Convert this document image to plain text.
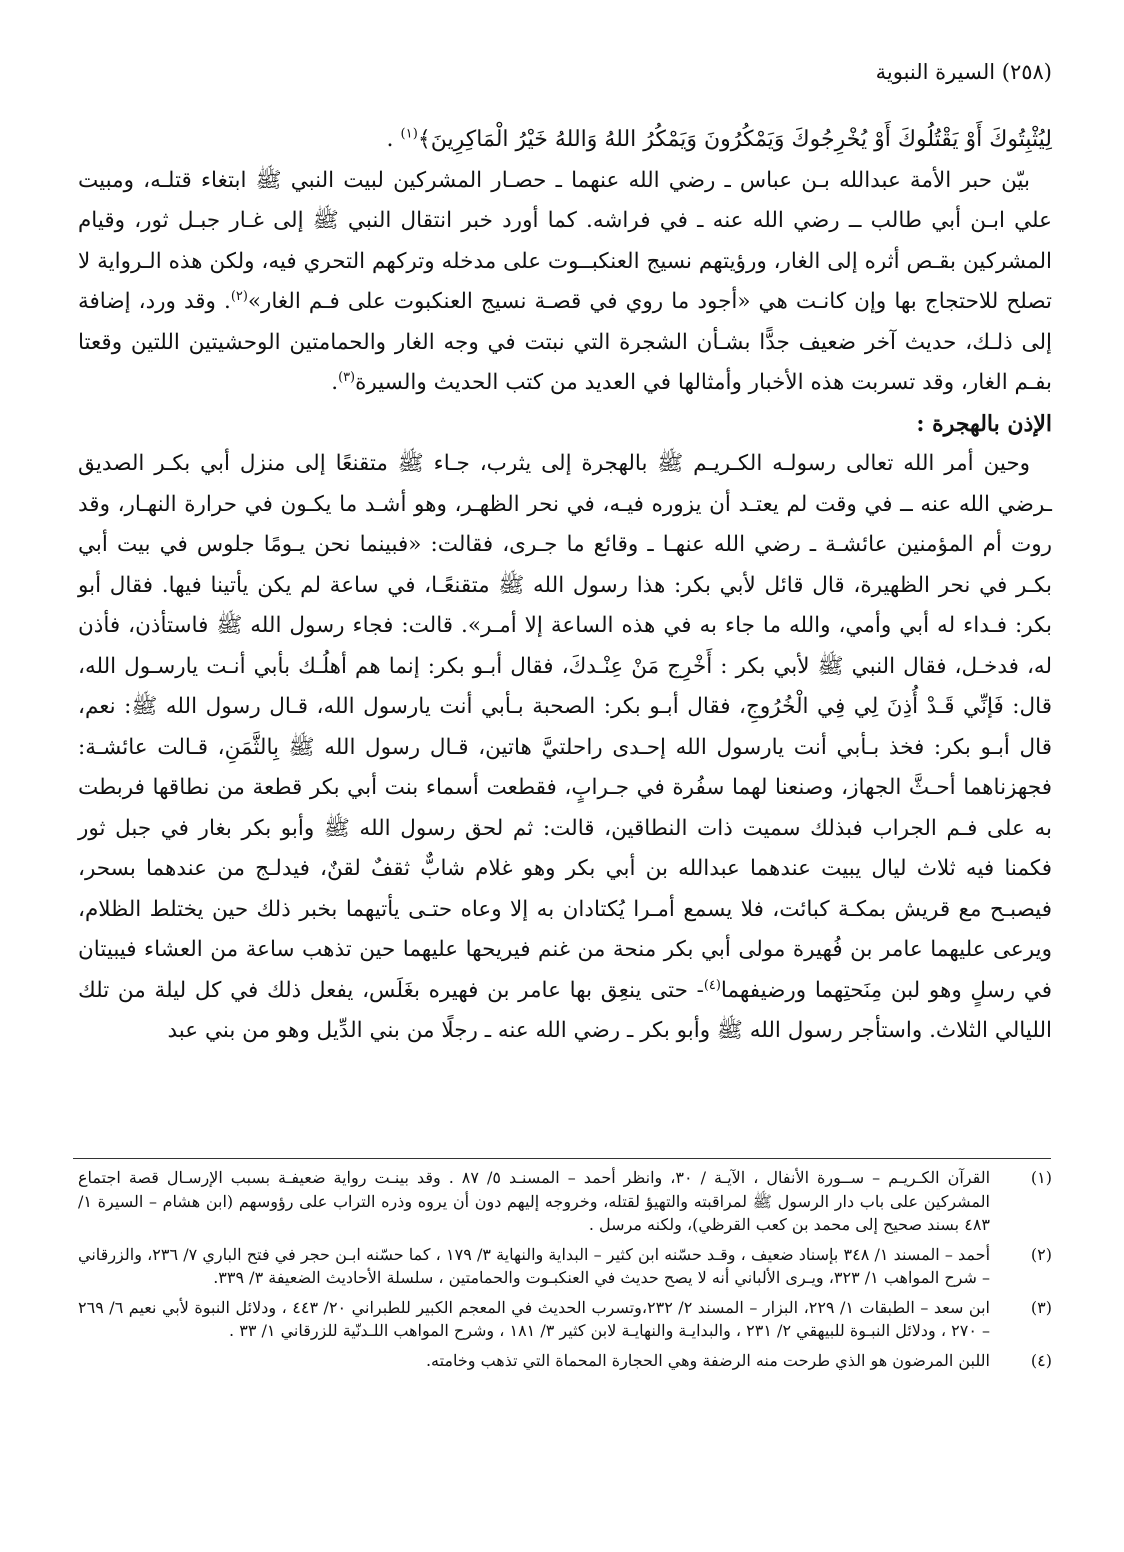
(٢٥٨) السيرة النبوية

لِيُثْبِتُوكَ أَوْ يَقْتُلُوكَ أَوْ يُخْرِجُوكَ وَيَمْكُرُونَ وَيَمْكُرُ اللهُ وَاللهُ خَيْرُ الْمَاكِرِينَ﴾$^{(١)}$ .

بيّن حبر الأمة عبدالله بـن عباس ـ رضي الله عنهما ـ حصـار المشركين لبيت النبي ﷺ ابتغاء قتلـه، ومبيت علي ابـن أبي طالب ــ رضي الله عنه ـ في فراشه. كما أورد خبر انتقال النبي ﷺ إلى غـار جبـل ثور، وقيام المشركين بقـص أثره إلى الغار، ورؤيتهم نسيج العنكبــوت على مدخله وتركهم التحري فيه، ولكن هذه الـرواية لا تصلح للاحتجاج بها وإن كانـت هي «أجود ما روي في قصـة نسيج العنكبوت على فـم الغار»$^{(٢)}$. وقد ورد، إضافة إلى ذلـك، حديث آخر ضعيف جدًّا بشـأن الشجرة التي نبتت في وجه الغار والحمامتين الوحشيتين اللتين وقعتا بفـم الغار، وقد تسربت هذه الأخبار وأمثالها في العديد من كتب الحديث والسيرة$^{(٣)}$.

الإذن بالهجرة :

وحين أمر الله تعالى رسولـه الكـريـم ﷺ بالهجرة إلى يثرب، جـاء ﷺ متقنعًا إلى منزل أبي بكـر الصديق ـرضي الله عنه ــ في وقت لم يعتـد أن يزوره فيـه، في نحر الظهـر، وهو أشـد ما يكـون في حرارة النهـار، وقد روت أم المؤمنين عائشـة ـ رضي الله عنهـا ـ وقائع ما جـرى، فقالت: «فبينما نحن يـومًا جلوس في بيت أبي بكـر في نحر الظهيرة، قال قائل لأبي بكر: هذا رسول الله ﷺ متقنعًـا، في ساعة لم يكن يأتينا فيها. فقال أبو بكر: فـداء له أبي وأمي، والله ما جاء به في هذه الساعة إلا أمـر». قالت: فجاء رسول الله ﷺ فاستأذن، فأذن له، فدخـل، فقال النبي ﷺ لأبي بكر : أَخْرِج مَنْ عِنْـدكَ، فقال أبـو بكر: إنما هم أهلُـك بأبي أنـت يارسـول الله، قال: فَإنِّي قَـدْ أُذِنَ لِي فِي الْخُرُوجِ، فقال أبـو بكر: الصحبة بـأبي أنت يارسول الله، قـال رسول الله ﷺ: نعم، قال أبـو بكر: فخذ بـأبي أنت يارسول الله إحـدى راحلتيَّ هاتين، قـال رسول الله ﷺ بِالثَّمَنِ، قـالت عائشـة: فجهزناهما أحـثَّ الجهاز، وصنعنا لهما سفُرة في جـرابٍ، فقطعت أسماء بنت أبي بكر قطعة من نطاقها فربطت به على فـم الجراب فبذلك سميت ذات النطاقين، قالت: ثم لحق رسول الله ﷺ وأبو بكر بغار في جبل ثور فكمنا فيه ثلاث ليال يبيت عندهما عبدالله بن أبي بكر وهو غلام شابٌّ ثقفٌ لقنٌ، فيدلـج من عندهما بسحر، فيصبـح مع قريش بمكـة كبائت، فلا يسمع أمـرا يُكتادان به إلا وعاه حتـى يأتيهما بخبر ذلك حين يختلط الظلام، ويرعى عليهما عامر بن فُهيرة مولى أبي بكر منحة من غنم فيريحها عليهما حين تذهب ساعة من العشاء فيبيتان في رسلٍ وهو لبن مِنَحتِهما ورضيفهما$^{(٤)}$- حتى ينعِق بها عامر بن فهيره بغَلَس، يفعل ذلك في كل ليلة من تلك الليالي الثلاث. واستأجر رسول الله ﷺ وأبو بكر ـ رضي الله عنه ـ رجلًا من بني الدِّيل وهو من بني عبد

(١)
القرآن الكـريـم – ســورة الأنفال ، الآيـة / ٣٠، وانظر أحمد – المسنـد ٥/ ٨٧ . وقد بينـت رواية ضعيفـة بسبب الإرسـال قصة اجتماع المشركين على باب دار الرسول ﷺ لمراقبته والتهيؤ لقتله، وخروجه إليهم دون أن يروه وذره التراب على رؤوسهم (ابن هشام – السيرة ١/ ٤٨٣ بسند صحيح إلى محمد بن كعب القرظي)، ولكنه مرسل .
(٢)
أحمد – المسند ١/ ٣٤٨ بإسناد ضعيف ، وقـد حسّنه ابن كثير – البداية والنهاية ٣/ ١٧٩ ، كما حسّنه ابـن حجر في فتح الباري ٧/ ٢٣٦، والزرقاني – شرح المواهب ١/ ٣٢٣، ويـرى الألباني أنه لا يصح حديث في العنكبـوت والحمامتين ، سلسلة الأحاديث الضعيفة ٣/ ٣٣٩.
(٣)
ابن سعد – الطبقات ١/ ٢٢٩، البزار – المسند ٢/ ٢٣٢،وتسرب الحديث في المعجم الكبير للطبراني ٢٠/ ٤٤٣ ، ودلائل النبوة لأبي نعيم ٦/ ٢٦٩ – ٢٧٠ ، ودلائل النبـوة للبيهقي ٢/ ٢٣١ ، والبدايـة والنهايـة لابن كثير ٣/ ١٨١ ، وشرح المواهب اللـدنّية للزرقاني ١/ ٣٣ .
(٤)
اللبن المرضون هو الذي طرحت منه الرضفة وهي الحجارة المحماة التي تذهب وخامته.
